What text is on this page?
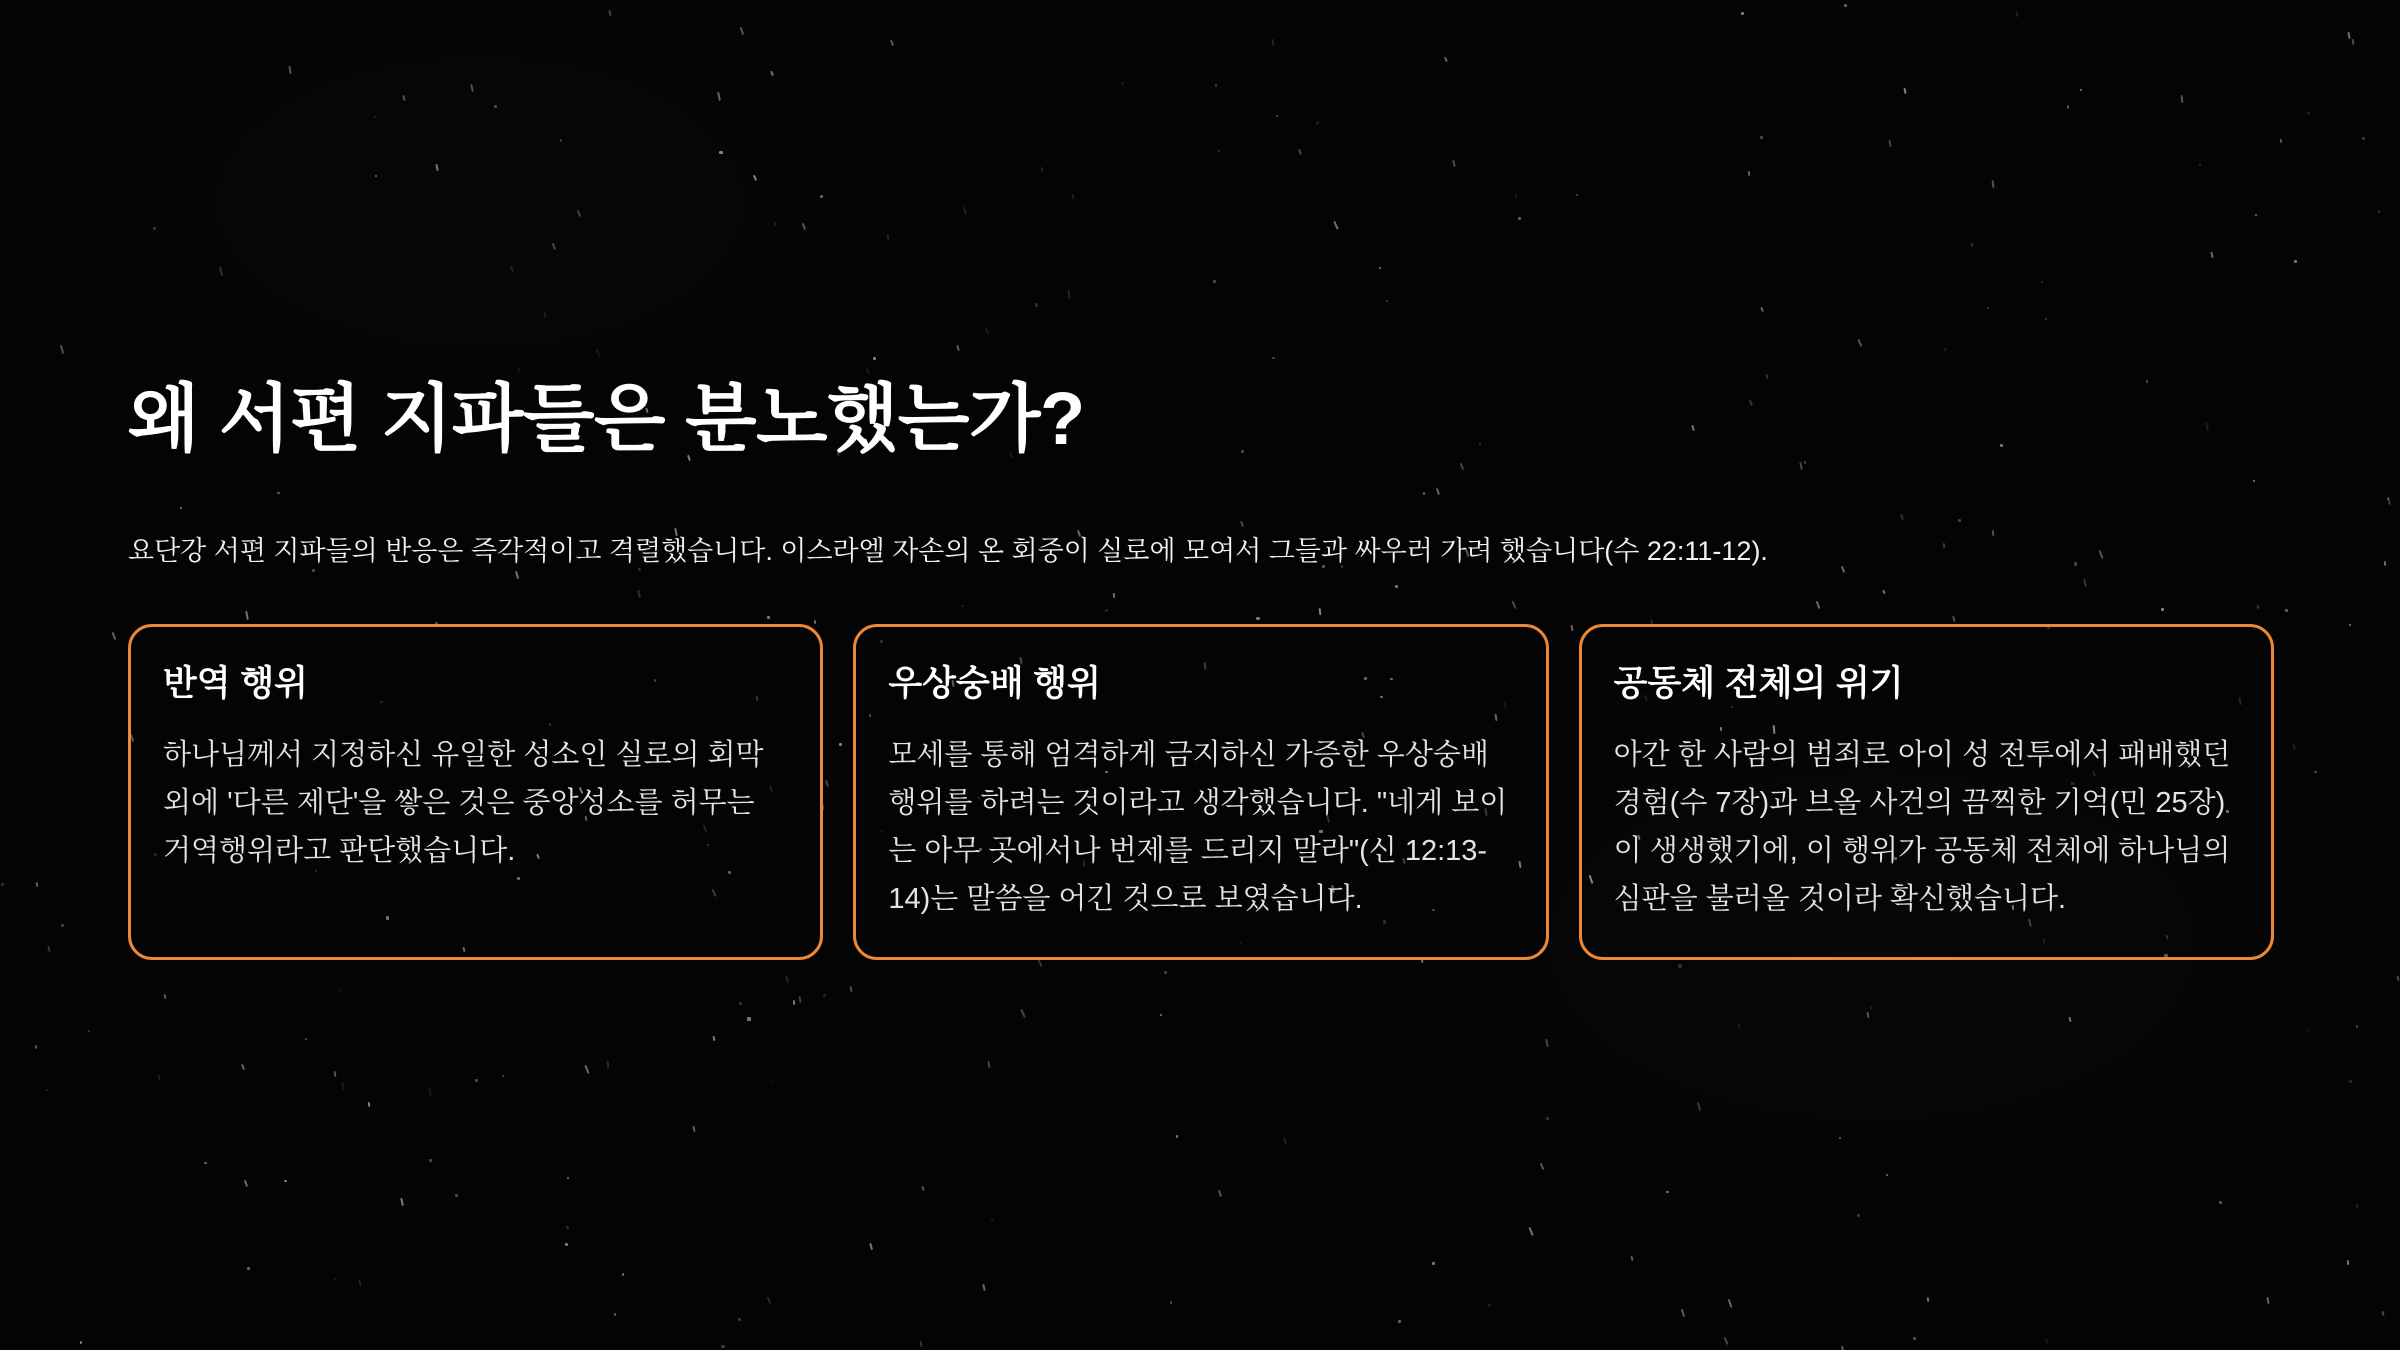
왜 서편 지파들은 분노했는가?

요단강 서편 지파들의 반응은 즉각적이고 격렬했습니다. 이스라엘 자손의 온 회중이 실로에 모여서 그들과 싸우러 가려 했습니다(수 22:11-12).

반역 행위

하나님께서 지정하신 유일한 성소인 실로의 회막 외에 '다른 제단'을 쌓은 것은 중앙성소를 허무는 거역행위라고 판단했습니다.

우상숭배 행위

모세를 통해 엄격하게 금지하신 가증한 우상숭배 행위를 하려는 것이라고 생각했습니다. "네게 보이는 아무 곳에서나 번제를 드리지 말라"(신 12:13-14)는 말씀을 어긴 것으로 보였습니다.

공동체 전체의 위기

아간 한 사람의 범죄로 아이 성 전투에서 패배했던 경험(수 7장)과 브올 사건의 끔찍한 기억(민 25장)이 생생했기에, 이 행위가 공동체 전체에 하나님의 심판을 불러올 것이라 확신했습니다.
